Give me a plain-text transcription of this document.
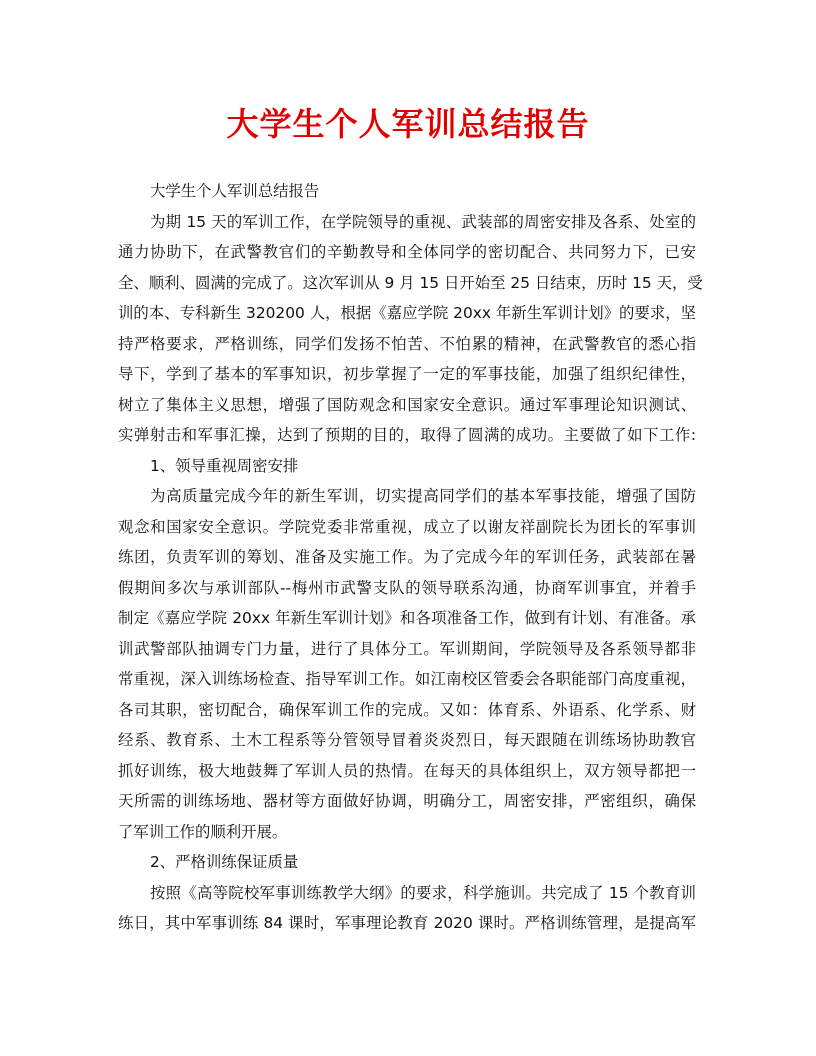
大学生个人军训总结报告
大学生个人军训总结报告
为期 15 天的军训工作，在学院领导的重视、武装部的周密安排及各系、处室的
通力协助下，在武警教官们的辛勤教导和全体同学的密切配合、共同努力下，已安
全、顺利、圆满的完成了。这次军训从 9 月 15 日开始至 25 日结束，历时 15 天，受
训的本、专科新生 320200 人，根据《嘉应学院 20xx 年新生军训计划》的要求，坚
持严格要求，严格训练，同学们发扬不怕苦、不怕累的精神，在武警教官的悉心指
导下，学到了基本的军事知识，初步掌握了一定的军事技能，加强了组织纪律性，
树立了集体主义思想，增强了国防观念和国家安全意识。通过军事理论知识测试、
实弹射击和军事汇操，达到了预期的目的，取得了圆满的成功。主要做了如下工作:
1、领导重视周密安排
为高质量完成今年的新生军训，切实提高同学们的基本军事技能，增强了国防
观念和国家安全意识。学院党委非常重视，成立了以谢友祥副院长为团长的军事训
练团，负责军训的筹划、准备及实施工作。为了完成今年的军训任务，武装部在暑
假期间多次与承训部队--梅州市武警支队的领导联系沟通，协商军训事宜，并着手
制定《嘉应学院 20xx 年新生军训计划》和各项准备工作，做到有计划、有准备。承
训武警部队抽调专门力量，进行了具体分工。军训期间，学院领导及各系领导都非
常重视，深入训练场检查、指导军训工作。如江南校区管委会各职能部门高度重视，
各司其职，密切配合，确保军训工作的完成。又如：体育系、外语系、化学系、财
经系、教育系、土木工程系等分管领导冒着炎炎烈日，每天跟随在训练场协助教官
抓好训练，极大地鼓舞了军训人员的热情。在每天的具体组织上，双方领导都把一
天所需的训练场地、器材等方面做好协调，明确分工，周密安排，严密组织，确保
了军训工作的顺利开展。
2、严格训练保证质量
按照《高等院校军事训练教学大纲》的要求，科学施训。共完成了 15 个教育训
练日，其中军事训练 84 课时，军事理论教育 2020 课时。严格训练管理，是提高军
